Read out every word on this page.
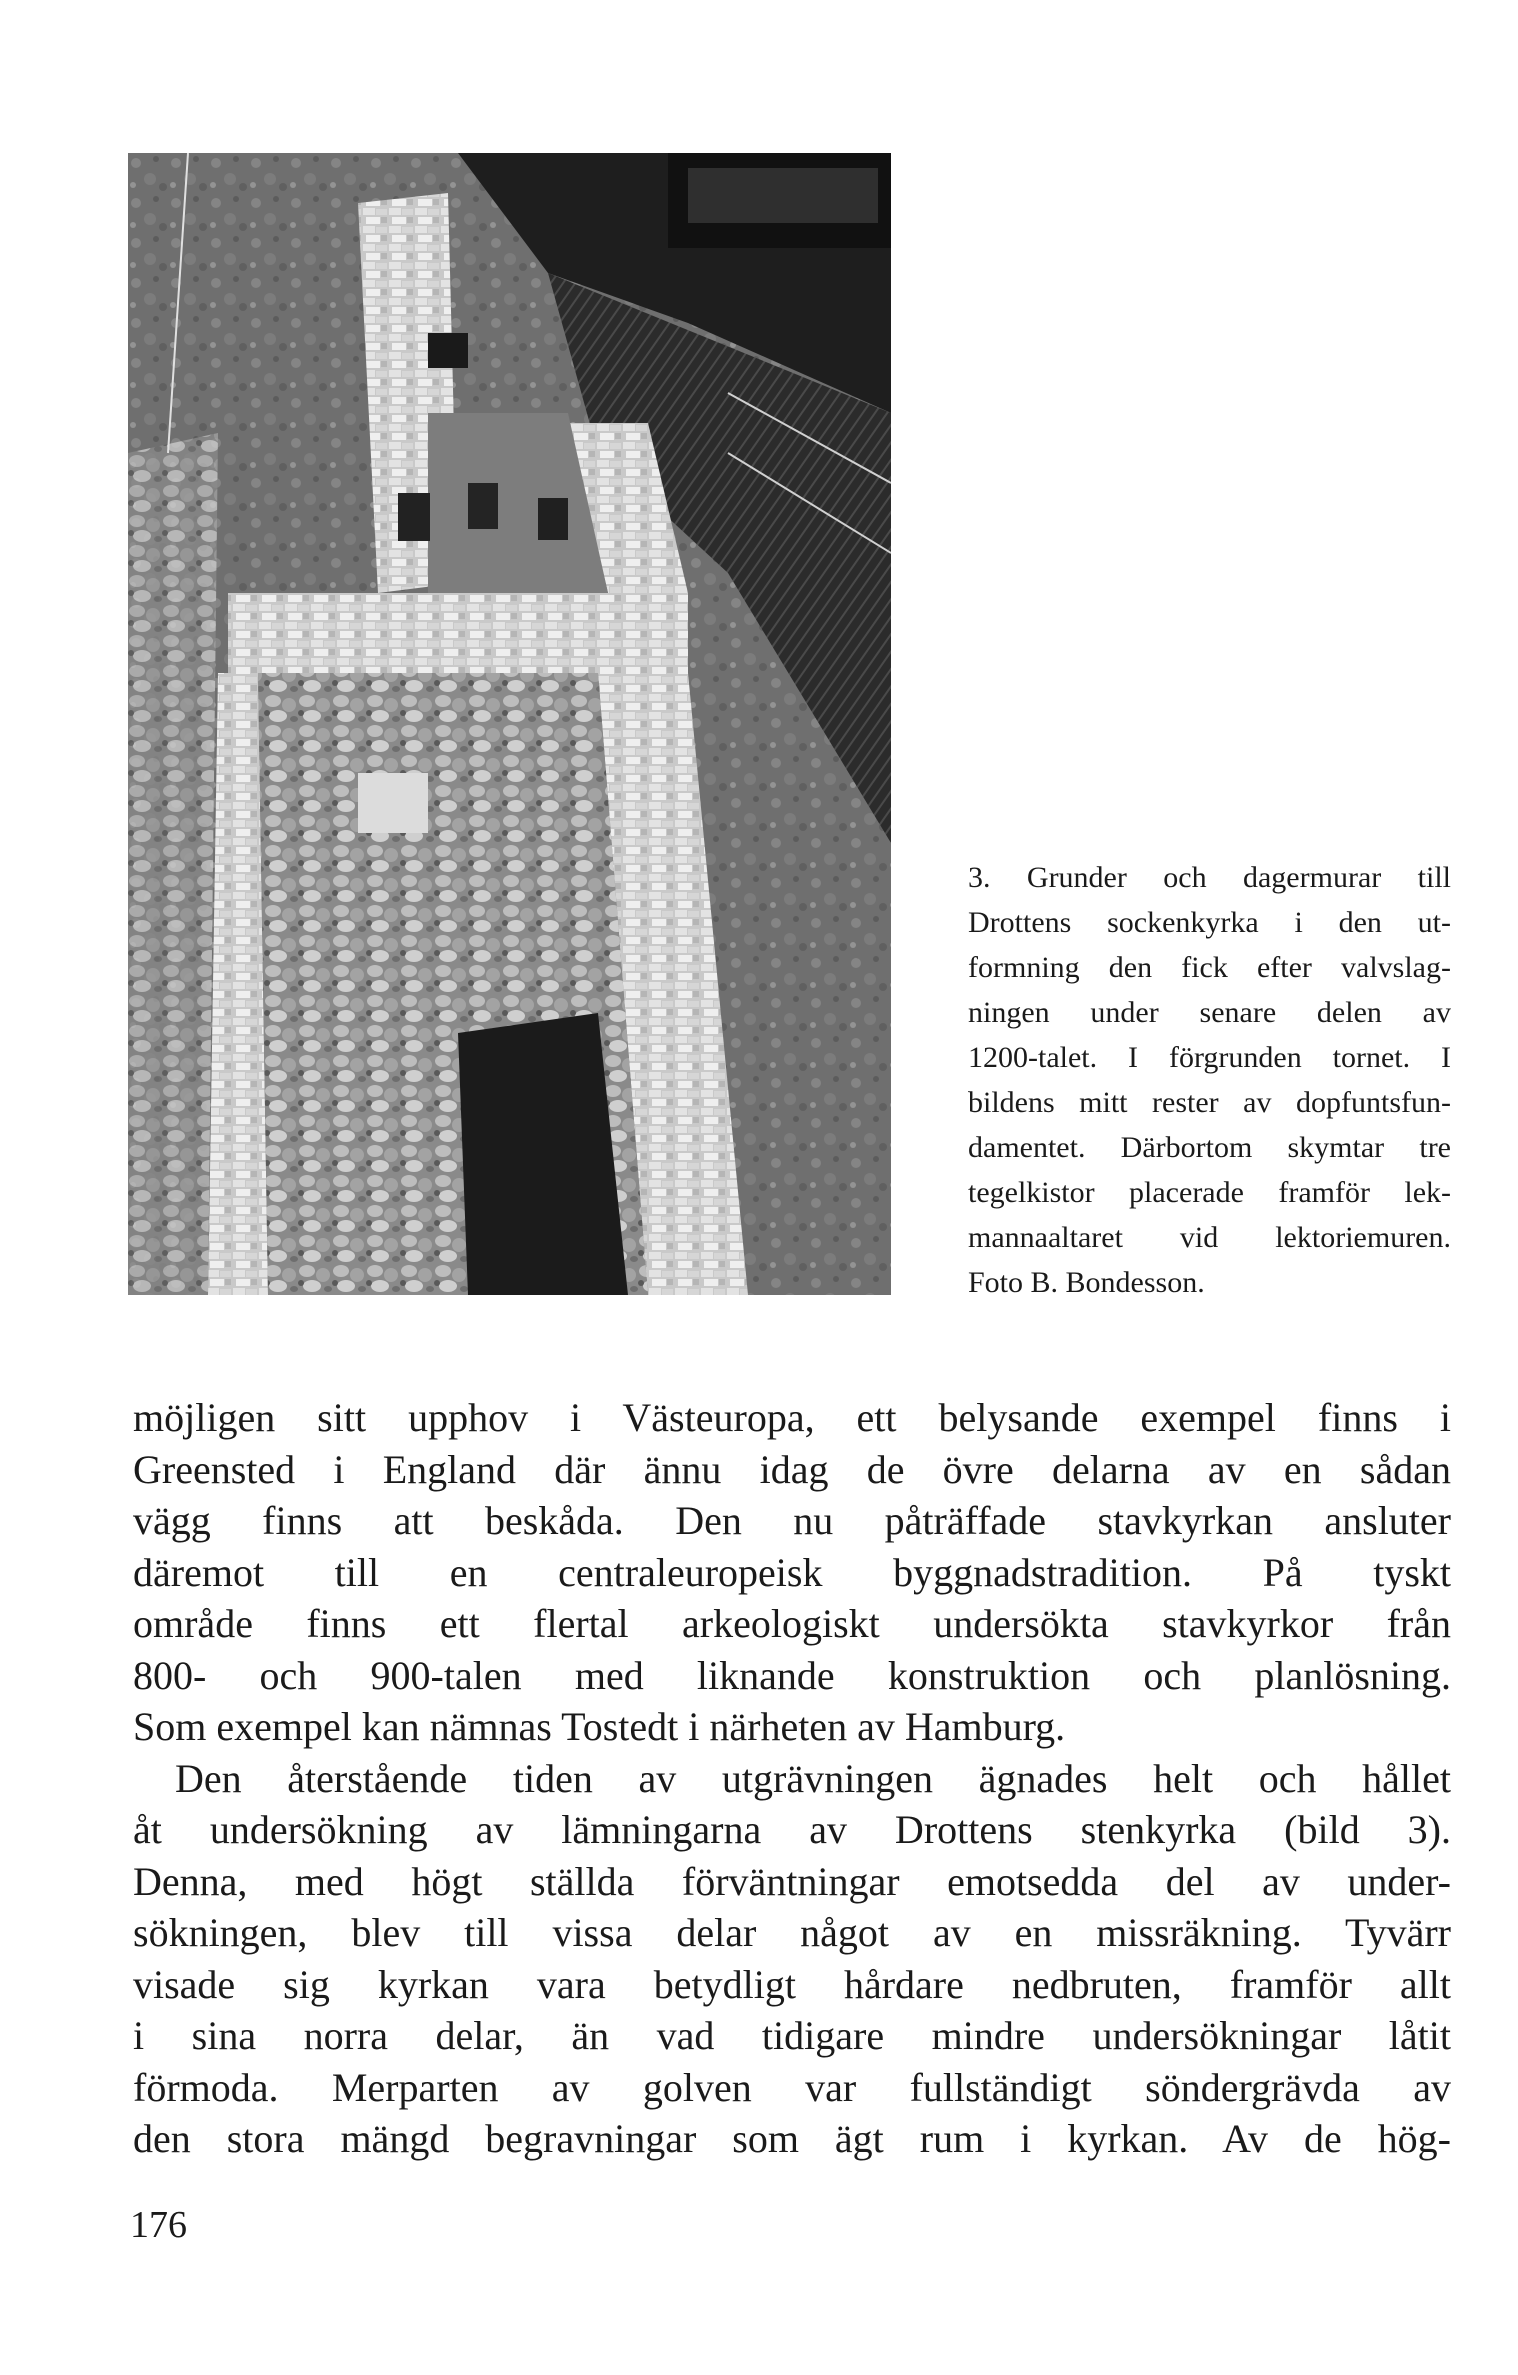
3. Grunder och dagermurar till
Drottens sockenkyrka i den ut-
formning den fick efter valvslag-
ningen under senare delen av
1200-talet. I förgrunden tornet. I
bildens mitt rester av dopfuntsfun-
damentet. Därbortom skymtar tre
tegelkistor placerade framför lek-
mannaaltaret vid lektoriemuren.
Foto B. Bondesson.
möjligen sitt upphov i Västeuropa, ett belysande exempel finns i
Greensted i England där ännu idag de övre delarna av en sådan
vägg finns att beskåda. Den nu påträffade stavkyrkan ansluter
däremot till en centraleuropeisk byggnadstradition. På tyskt
område finns ett flertal arkeologiskt undersökta stavkyrkor från
800- och 900-talen med liknande konstruktion och planlösning.
Som exempel kan nämnas Tostedt i närheten av Hamburg.
Den återstående tiden av utgrävningen ägnades helt och hållet
åt undersökning av lämningarna av Drottens stenkyrka (bild 3).
Denna, med högt ställda förväntningar emotsedda del av under-
sökningen, blev till vissa delar något av en missräkning. Tyvärr
visade sig kyrkan vara betydligt hårdare nedbruten, framför allt
i sina norra delar, än vad tidigare mindre undersökningar låtit
förmoda. Merparten av golven var fullständigt söndergrävda av
den stora mängd begravningar som ägt rum i kyrkan. Av de hög-
176
